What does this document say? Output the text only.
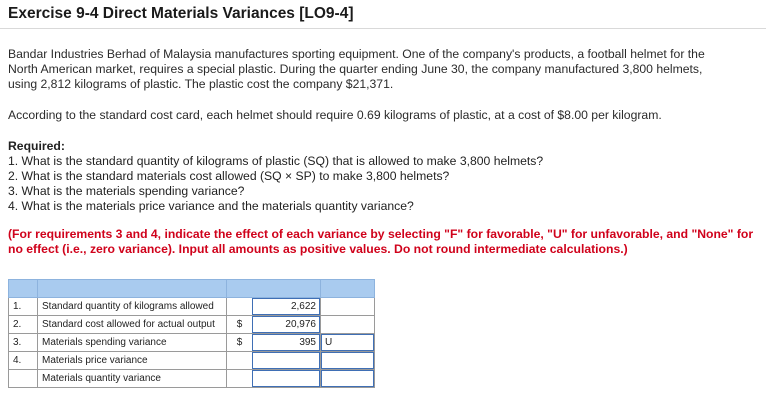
Exercise 9-4 Direct Materials Variances [LO9-4]
Bandar Industries Berhad of Malaysia manufactures sporting equipment. One of the company's products, a football helmet for the
North American market, requires a special plastic. During the quarter ending June 30, the company manufactured 3,800 helmets,
using 2,812 kilograms of plastic. The plastic cost the company $21,371.
According to the standard cost card, each helmet should require 0.69 kilograms of plastic, at a cost of $8.00 per kilogram.
Required:
1. What is the standard quantity of kilograms of plastic (SQ) that is allowed to make 3,800 helmets?
2. What is the standard materials cost allowed (SQ × SP) to make 3,800 helmets?
3. What is the materials spending variance?
4. What is the materials price variance and the materials quantity variance?
(For requirements 3 and 4, indicate the effect of each variance by selecting "F" for favorable, "U" for unfavorable, and "None" for no effect (i.e., zero variance). Input all amounts as positive values. Do not round intermediate calculations.)

1.	Standard quantity of kilograms allowed		2,622	
2.	Standard cost allowed for actual output	$	20,976	
3.	Materials spending variance	$	395	U
4.	Materials price variance			
	Materials quantity variance			
